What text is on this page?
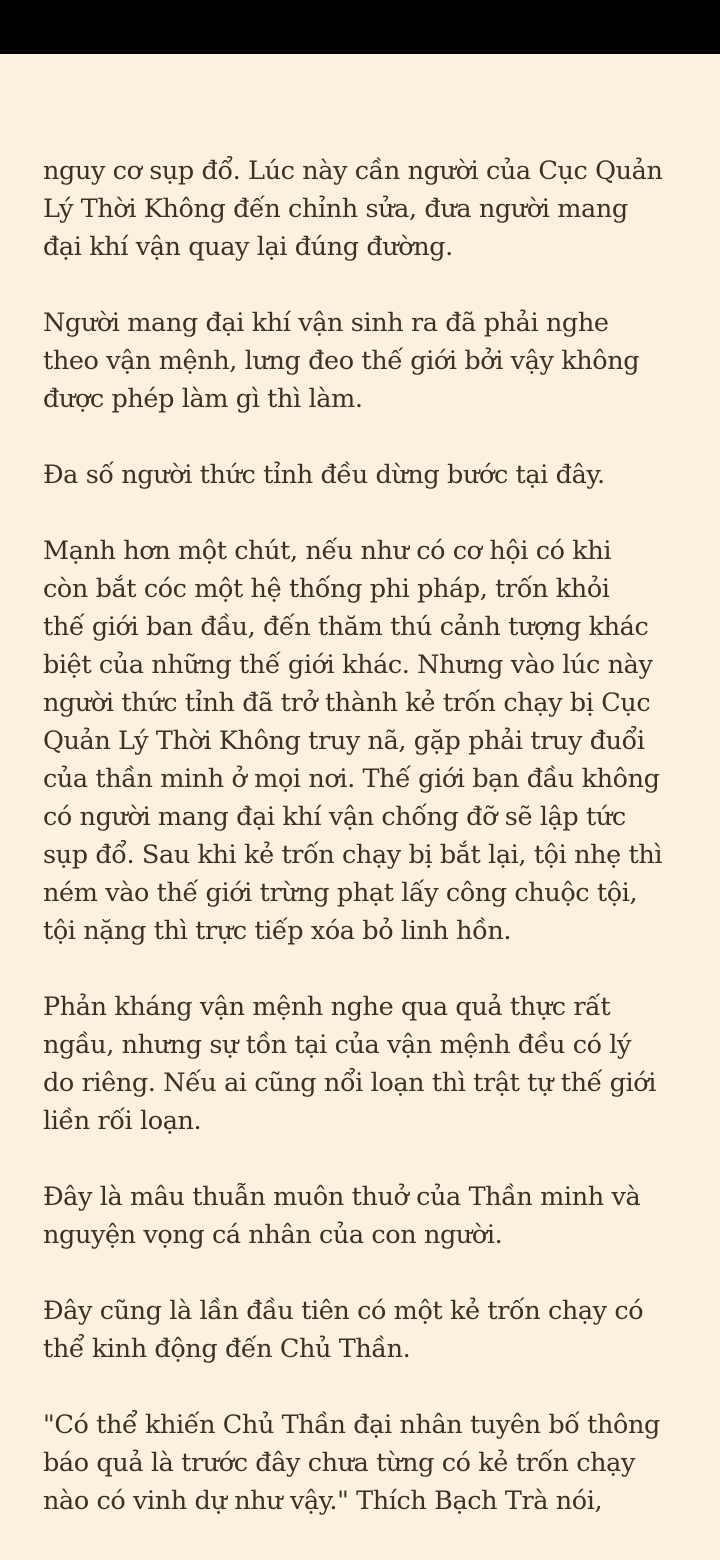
nguy cơ sụp đổ. Lúc này cần người của Cục Quản
Lý Thời Không đến chỉnh sửa, đưa người mang
đại khí vận quay lại đúng đường.

Người mang đại khí vận sinh ra đã phải nghe
theo vận mệnh, lưng đeo thế giới bởi vậy không
được phép làm gì thì làm.

Đa số người thức tỉnh đều dừng bước tại đây.

Mạnh hơn một chút, nếu như có cơ hội có khi
còn bắt cóc một hệ thống phi pháp, trốn khỏi
thế giới ban đầu, đến thăm thú cảnh tượng khác
biệt của những thế giới khác. Nhưng vào lúc này
người thức tỉnh đã trở thành kẻ trốn chạy bị Cục
Quản Lý Thời Không truy nã, gặp phải truy đuổi
của thần minh ở mọi nơi. Thế giới bạn đầu không
có người mang đại khí vận chống đỡ sẽ lập tức
sụp đổ. Sau khi kẻ trốn chạy bị bắt lại, tội nhẹ thì
ném vào thế giới trừng phạt lấy công chuộc tội,
tội nặng thì trực tiếp xóa bỏ linh hồn.

Phản kháng vận mệnh nghe qua quả thực rất
ngầu, nhưng sự tồn tại của vận mệnh đều có lý
do riêng. Nếu ai cũng nổi loạn thì trật tự thế giới
liền rối loạn.

Đây là mâu thuẫn muôn thuở của Thần minh và
nguyện vọng cá nhân của con người.

Đây cũng là lần đầu tiên có một kẻ trốn chạy có
thể kinh động đến Chủ Thần.

"Có thể khiến Chủ Thần đại nhân tuyên bố thông
báo quả là trước đây chưa từng có kẻ trốn chạy
nào có vinh dự như vậy." Thích Bạch Trà nói,
